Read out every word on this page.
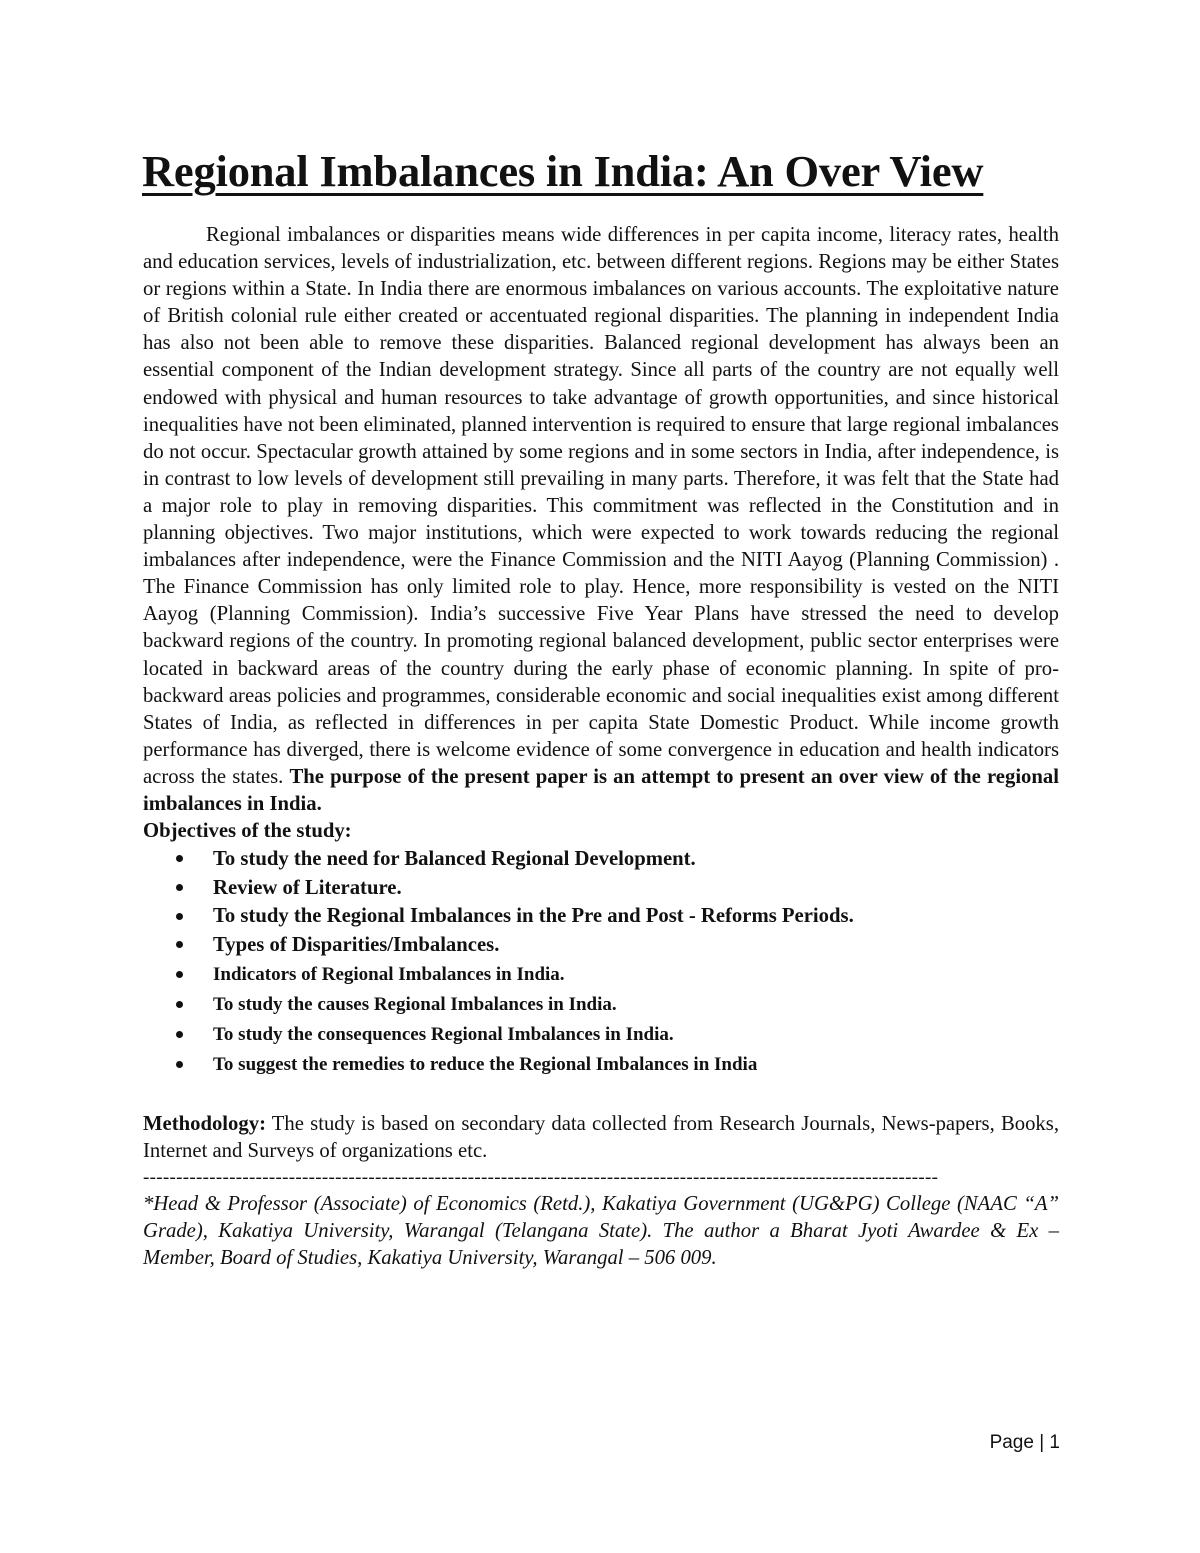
Regional Imbalances in India: An Over View

Regional imbalances or disparities means wide differences in per capita income, literacy rates, health and education services, levels of industrialization, etc. between different regions. Regions may be either States or regions within a State. In India there are enormous imbalances on various accounts. The exploitative nature of British colonial rule either created or accentuated regional disparities. The planning in independent India has also not been able to remove these disparities. Balanced regional development has always been an essential component of the Indian development strategy. Since all parts of the country are not equally well endowed with physical and human resources to take advantage of growth opportunities, and since historical inequalities have not been eliminated, planned intervention is required to ensure that large regional imbalances do not occur. Spectacular growth attained by some regions and in some sectors in India, after independence, is in contrast to low levels of development still prevailing in many parts. Therefore, it was felt that the State had a major role to play in removing disparities. This commitment was reflected in the Constitution and in planning objectives. Two major institutions, which were expected to work towards reducing the regional imbalances after independence, were the Finance Commission and the NITI Aayog (Planning Commission) . The Finance Commission has only limited role to play. Hence, more responsibility is vested on the NITI Aayog (Planning Commission). India’s successive Five Year Plans have stressed the need to develop backward regions of the country. In promoting regional balanced development, public sector enterprises were located in backward areas of the country during the early phase of economic planning. In spite of pro-backward areas policies and programmes, considerable economic and social inequalities exist among different States of India, as reflected in differences in per capita State Domestic Product. While income growth performance has diverged, there is welcome evidence of some convergence in education and health indicators across the states. The purpose of the present paper is an attempt to present an over view of the regional imbalances in India.

Objectives of the study:

To study the need for Balanced Regional Development.
Review of Literature.
To study the Regional Imbalances in the Pre and Post - Reforms Periods.
Types of Disparities/Imbalances.
Indicators of Regional Imbalances in India.
To study the causes Regional Imbalances in India.
To study the consequences Regional Imbalances in India.
To suggest the remedies to reduce the Regional Imbalances in India

Methodology: The study is based on secondary data collected from Research Journals, News-papers, Books, Internet and Surveys of organizations etc.

------------------------------------------------------------------------------------------------------------------------

*Head & Professor (Associate) of Economics (Retd.), Kakatiya Government (UG&PG) College (NAAC “A” Grade), Kakatiya University, Warangal (Telangana State). The author a Bharat Jyoti Awardee & Ex – Member, Board of Studies, Kakatiya University, Warangal – 506 009.

Page | 1
